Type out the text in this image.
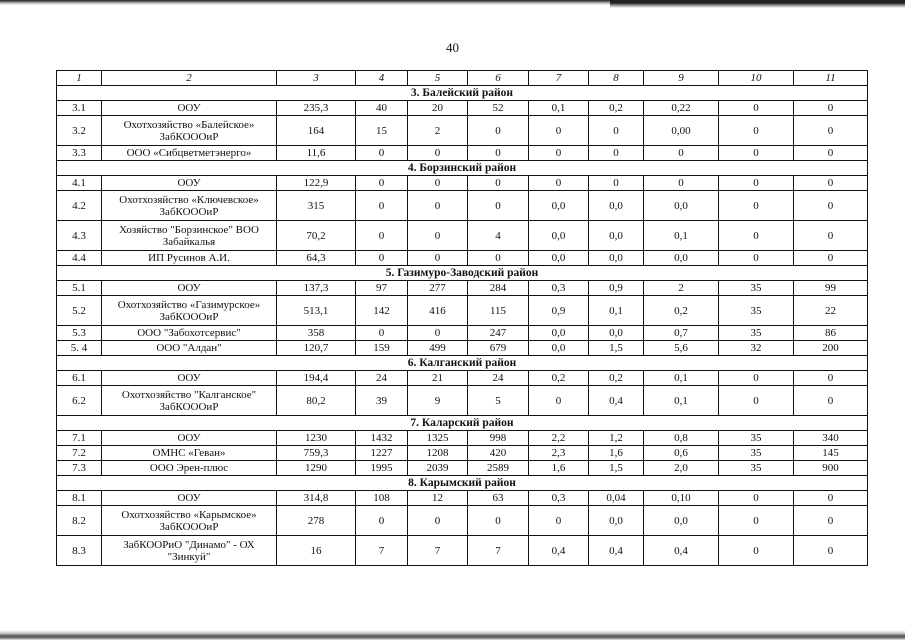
40
1	2	3	4	5	6	7	8	9	10	11
3. Балейский район										
3.1	ООУ	235,3	40	20	52	0,1	0,2	0,22	0	0
3.2	Охотхозяйство «Балейское» ЗабКОООиР	164	15	2	0	0	0	0,00	0	0
3.3	ООО «Сибцветметэнерго»	11,6	0	0	0	0	0	0	0	0
4. Борзинский район										
4.1	ООУ	122,9	0	0	0	0	0	0	0	0
4.2	Охотхозяйство «Ключевское» ЗабКОООиР	315	0	0	0	0,0	0,0	0,0	0	0
4.3	Хозяйство "Борзинское" ВОО Забайкалья	70,2	0	0	4	0,0	0,0	0,1	0	0
4.4	ИП Русинов А.И.	64,3	0	0	0	0,0	0,0	0,0	0	0
5. Газимуро-Заводский район										
5.1	ООУ	137,3	97	277	284	0,3	0,9	2	35	99
5.2	Охотхозяйство «Газимурское» ЗабКОООиР	513,1	142	416	115	0,9	0,1	0,2	35	22
5.3	ООО "Забохотсервис"	358	0	0	247	0,0	0,0	0,7	35	86
5. 4	ООО "Алдан"	120,7	159	499	679	0,0	1,5	5,6	32	200
6. Калганский район										
6.1	ООУ	194,4	24	21	24	0,2	0,2	0,1	0	0
6.2	Охотхозяйство "Калганское" ЗабКОООиР	80,2	39	9	5	0	0,4	0,1	0	0
7. Каларский район										
7.1	ООУ	1230	1432	1325	998	2,2	1,2	0,8	35	340
7.2	ОМНС «Геван»	759,3	1227	1208	420	2,3	1,6	0,6	35	145
7.3	ООО Эрен-плюс	1290	1995	2039	2589	1,6	1,5	2,0	35	900
8. Карымский район										
8.1	ООУ	314,8	108	12	63	0,3	0,04	0,10	0	0
8.2	Охотхозяйство «Карымское» ЗабКОООиР	278	0	0	0	0	0,0	0,0	0	0
8.3	ЗабКООРиО "Динамо" - ОХ "Зинкуй"	16	7	7	7	0,4	0,4	0,4	0	0
